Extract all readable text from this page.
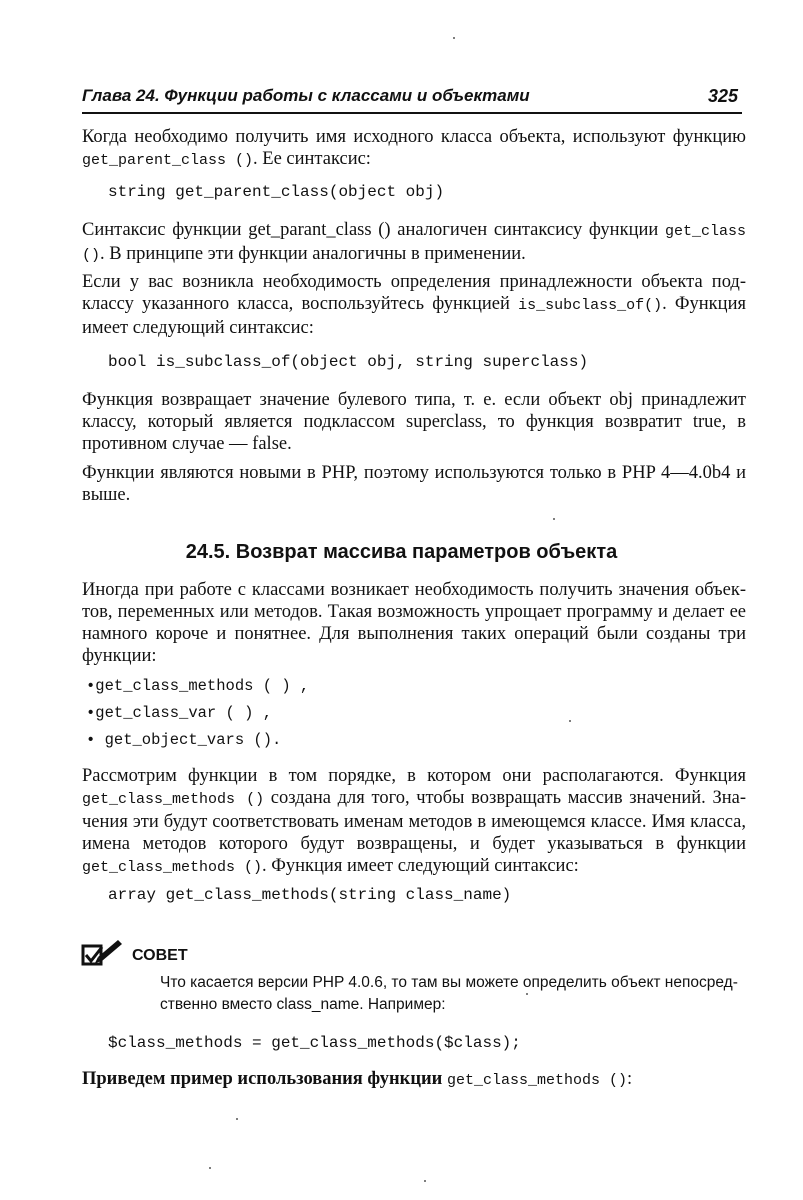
Глава 24. Функции работы с классами и объектами	325
Когда необходимо получить имя исходного класса объекта, используют функцию get_parent_class (). Ее синтаксис:
string get_parent_class(object obj)
Синтаксис функции get_parant_class () аналогичен синтаксису функции get_class (). В принципе эти функции аналогичны в применении.
Если у вас возникла необходимость определения принадлежности объекта под-классу указанного класса, воспользуйтесь функцией is_subclass_of(). Функция имеет следующий синтаксис:
bool is_subclass_of(object obj, string superclass)
Функция возвращает значение булевого типа, т. е. если объект obj принадлежит классу, который является подклассом superclass, то функция возвратит true, в противном случае — false.
Функции являются новыми в PHP, поэтому используются только в PHP 4—4.0b4 и выше.
24.5. Возврат массива параметров объекта
Иногда при работе с классами возникает необходимость получить значения объек-тов, переменных или методов. Такая возможность упрощает программу и делает ее намного короче и понятнее. Для выполнения таких операций были созданы три функции:
•get_class_methods ( ) ,
•get_class_var ( ) ,
• get_object_vars ().
Рассмотрим функции в том порядке, в котором они располагаются. Функция get_class_methods () создана для того, чтобы возвращать массив значений. Зна-чения эти будут соответствовать именам методов в имеющемся классе. Имя класса, имена методов которого будут возвращены, и будет указываться в функции get_class_methods (). Функция имеет следующий синтаксис:
array get_class_methods(string class_name)
СОВЕТ
Что касается версии PHP 4.0.6, то там вы можете определить объект непосред-ственно вместо class_name. Например:
$class_methods = get_class_methods($class);
Приведем пример использования функции get_class_methods ():
